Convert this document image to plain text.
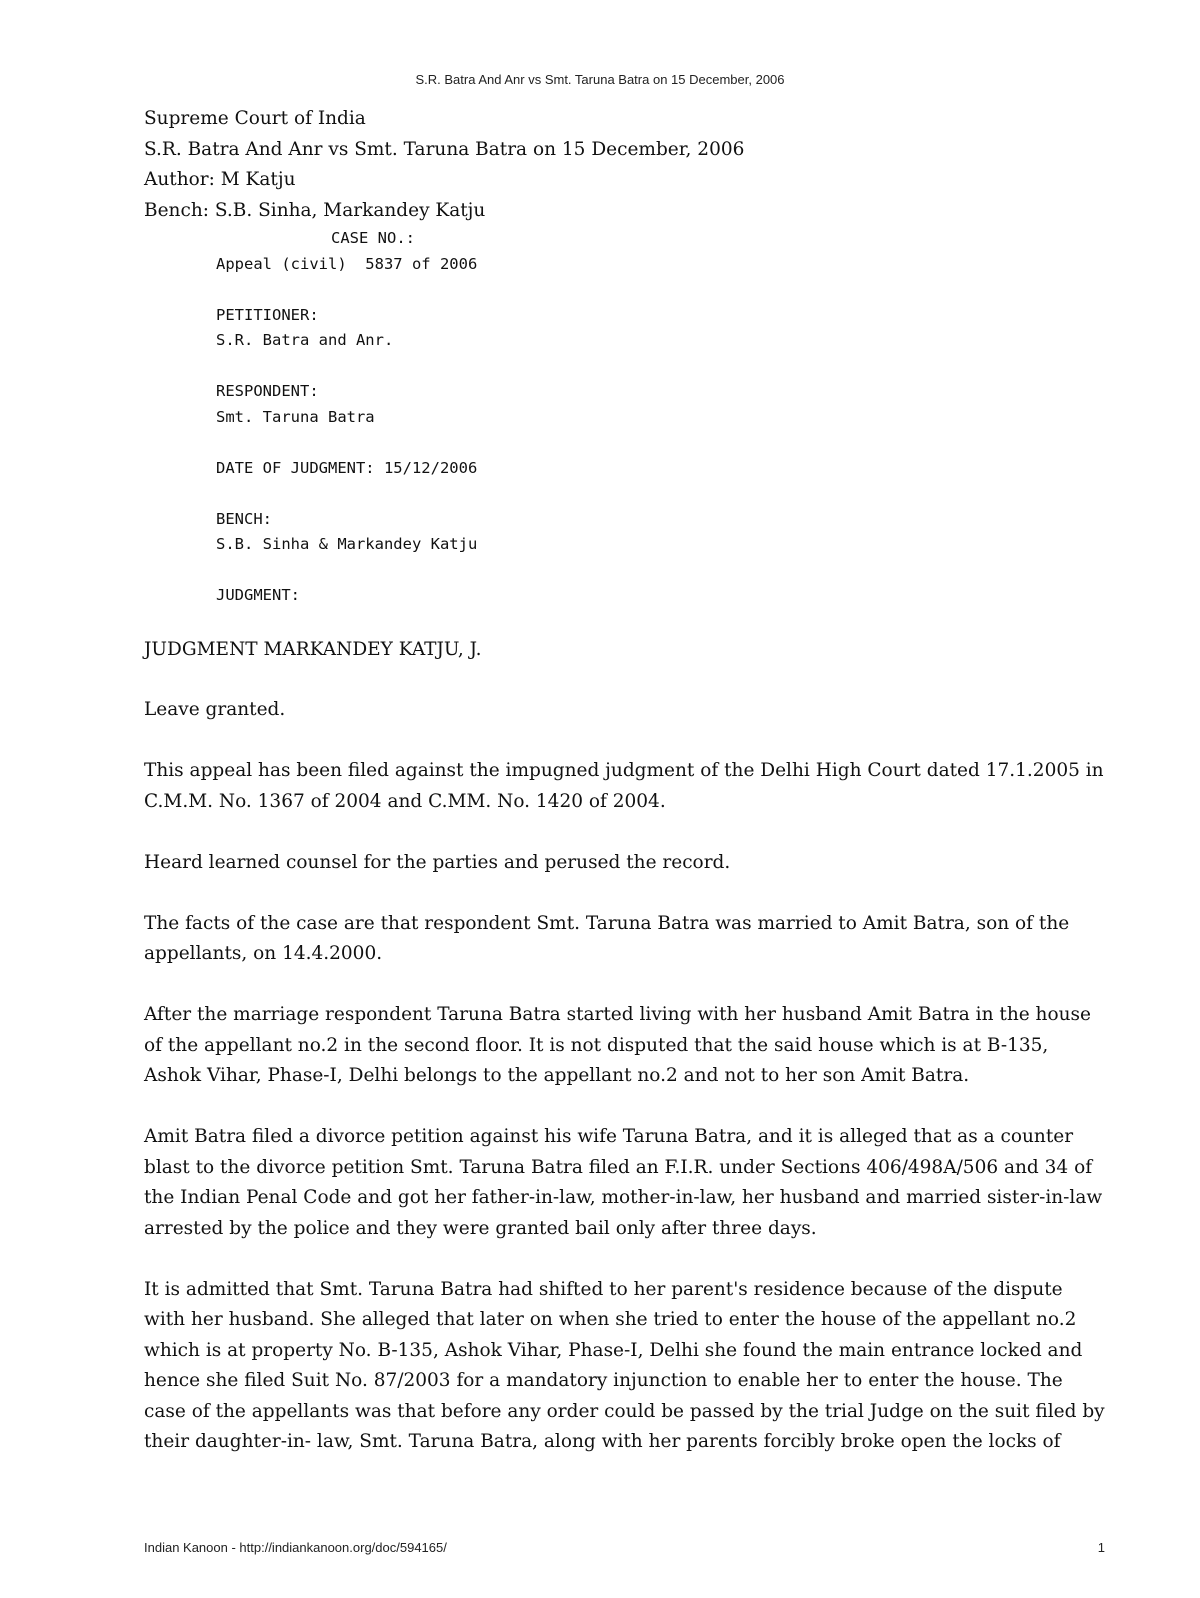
S.R. Batra And Anr vs Smt. Taruna Batra on 15 December, 2006

Supreme Court of India

S.R. Batra And Anr vs Smt. Taruna Batra on 15 December, 2006

Author: M Katju

Bench: S.B. Sinha, Markandey Katju

CASE NO.:
Appeal (civil)  5837 of 2006
PETITIONER:
S.R. Batra and Anr.
RESPONDENT:
Smt. Taruna Batra
DATE OF JUDGMENT: 15/12/2006
BENCH:
S.B. Sinha & Markandey Katju
JUDGMENT:

JUDGMENT MARKANDEY KATJU, J.

Leave granted.

This appeal has been filed against the impugned judgment of the Delhi High Court dated 17.1.2005 in C.M.M. No. 1367 of 2004 and C.MM. No. 1420 of 2004.

Heard learned counsel for the parties and perused the record.

The facts of the case are that respondent Smt. Taruna Batra was married to Amit Batra, son of the appellants, on 14.4.2000.

After the marriage respondent Taruna Batra started living with her husband Amit Batra in the house of the appellant no.2 in the second floor. It is not disputed that the said house which is at B-135, Ashok Vihar, Phase-I, Delhi belongs to the appellant no.2 and not to her son Amit Batra.

Amit Batra filed a divorce petition against his wife Taruna Batra, and it is alleged that as a counter blast to the divorce petition Smt. Taruna Batra filed an F.I.R. under Sections 406/498A/506 and 34 of the Indian Penal Code and got her father-in-law, mother-in-law, her husband and married sister-in-law arrested by the police and they were granted bail only after three days.

It is admitted that Smt. Taruna Batra had shifted to her parent's residence because of the dispute with her husband. She alleged that later on when she tried to enter the house of the appellant no.2 which is at property No. B-135, Ashok Vihar, Phase-I, Delhi she found the main entrance locked and hence she filed Suit No. 87/2003 for a mandatory injunction to enable her to enter the house. The case of the appellants was that before any order could be passed by the trial Judge on the suit filed by their daughter-in- law, Smt. Taruna Batra, along with her parents forcibly broke open the locks of

Indian Kanoon - http://indiankanoon.org/doc/594165/	1
